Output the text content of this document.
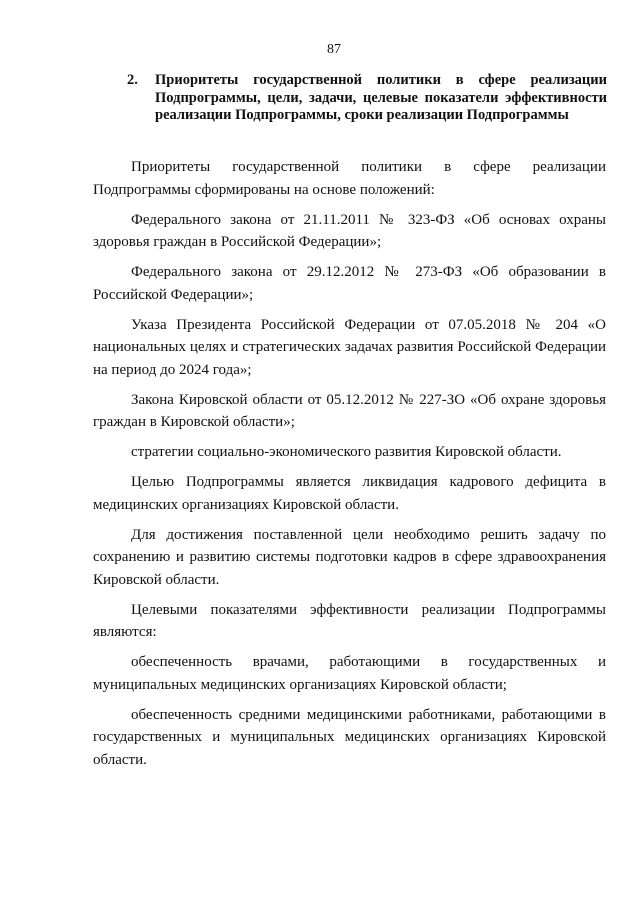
87
2.	Приоритеты государственной политики в сфере реализации Подпрограммы, цели, задачи, целевые показатели эффективности реализации Подпрограммы, сроки реализации Подпрограммы

Приоритеты государственной политики в сфере реализации Подпрограммы сформированы на основе положений:

Федерального закона от 21.11.2011 № 323-ФЗ «Об основах охраны здоровья граждан в Российской Федерации»;

Федерального закона от 29.12.2012 № 273-ФЗ «Об образовании в Российской Федерации»;

Указа Президента Российской Федерации от 07.05.2018 № 204 «О национальных целях и стратегических задачах развития Российской Федерации на период до 2024 года»;

Закона Кировской области от 05.12.2012 № 227-ЗО «Об охране здоровья граждан в Кировской области»;

стратегии социально-экономического развития Кировской области.

Целью Подпрограммы является ликвидация кадрового дефицита в медицинских организациях Кировской области.

Для достижения поставленной цели необходимо решить задачу по сохранению и развитию системы подготовки кадров в сфере здравоохранения Кировской области.

Целевыми показателями эффективности реализации Подпрограммы являются:

обеспеченность врачами, работающими в государственных и муниципальных медицинских организациях Кировской области;

обеспеченность средними медицинскими работниками, работающими в государственных и муниципальных медицинских организациях Кировской области.
